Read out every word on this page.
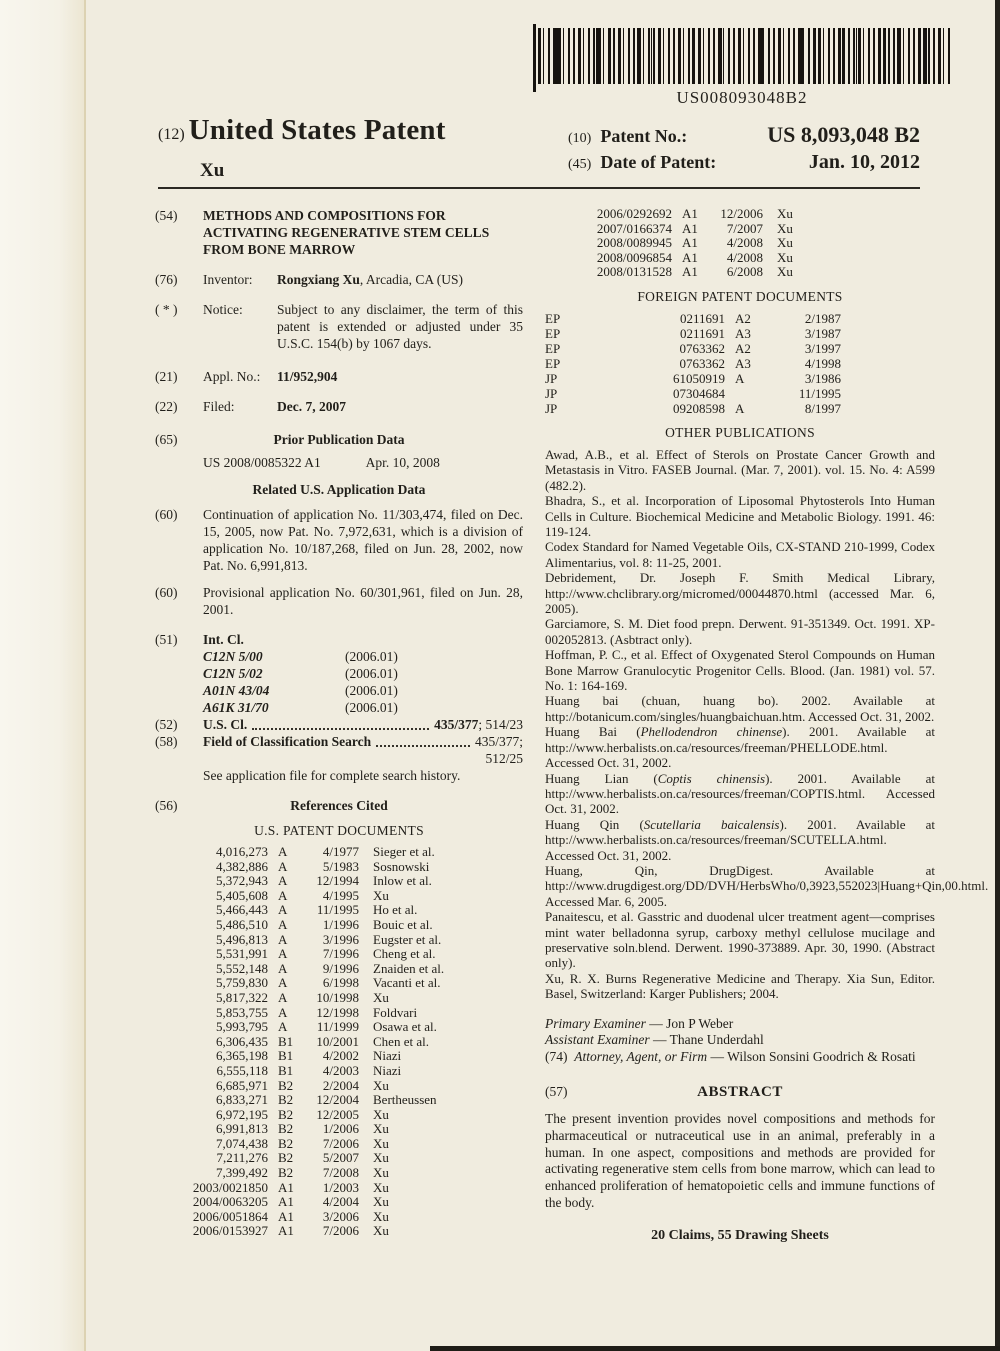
US008093048B2
(12) United States Patent
Xu
(10) Patent No.:	US 8,093,048 B2
(45) Date of Patent:	Jan. 10, 2012
(54)	METHODS AND COMPOSITIONS FOR ACTIVATING REGENERATIVE STEM CELLS FROM BONE MARROW
(76)	Inventor: Rongxiang Xu, Arcadia, CA (US)
( * )	Notice:	Subject to any disclaimer, the term of this patent is extended or adjusted under 35 U.S.C. 154(b) by 1067 days.
(21)	Appl. No.: 11/952,904
(22)	Filed:	Dec. 7, 2007
(65)	Prior Publication Data
US 2008/0085322 A1	Apr. 10, 2008
Related U.S. Application Data
(60)	Continuation of application No. 11/303,474, filed on Dec. 15, 2005, now Pat. No. 7,972,631, which is a division of application No. 10/187,268, filed on Jun. 28, 2002, now Pat. No. 6,991,813.
(60)	Provisional application No. 60/301,961, filed on Jun. 28, 2001.
(51)	Int. Cl.
C12N 5/00	(2006.01)
C12N 5/02	(2006.01)
A01N 43/04	(2006.01)
A61K 31/70	(2006.01)
(52)	U.S. Cl.	435/377; 514/23
(58)	Field of Classification Search	435/377;
512/25
See application file for complete search history.
(56)	References Cited
U.S. PATENT DOCUMENTS
4,016,273 A	4/1977	Sieger et al.
4,382,886 A	5/1983	Sosnowski
5,372,943 A	12/1994	Inlow et al.
5,405,608 A	4/1995	Xu
5,466,443 A	11/1995	Ho et al.
5,486,510 A	1/1996	Bouic et al.
5,496,813 A	3/1996	Eugster et al.
5,531,991 A	7/1996	Cheng et al.
5,552,148 A	9/1996	Znaiden et al.
5,759,830 A	6/1998	Vacanti et al.
5,817,322 A	10/1998	Xu
5,853,755 A	12/1998	Foldvari
5,993,795 A	11/1999	Osawa et al.
6,306,435 B1	10/2001	Chen et al.
6,365,198 B1	4/2002	Niazi
6,555,118 B1	4/2003	Niazi
6,685,971 B2	2/2004	Xu
6,833,271 B2	12/2004	Bertheussen
6,972,195 B2	12/2005	Xu
6,991,813 B2	1/2006	Xu
7,074,438 B2	7/2006	Xu
7,211,276 B2	5/2007	Xu
7,399,492 B2	7/2008	Xu
2003/0021850 A1	1/2003	Xu
2004/0063205 A1	4/2004	Xu
2006/0051864 A1	3/2006	Xu
2006/0153927 A1	7/2006	Xu
2006/0292692 A1	12/2006	Xu
2007/0166374 A1	7/2007	Xu
2008/0089945 A1	4/2008	Xu
2008/0096854 A1	4/2008	Xu
2008/0131528 A1	6/2008	Xu
FOREIGN PATENT DOCUMENTS
EP	0211691 A2	2/1987
EP	0211691 A3	3/1987
EP	0763362 A2	3/1997
EP	0763362 A3	4/1998
JP	61050919 A	3/1986
JP	07304684	11/1995
JP	09208598 A	8/1997
OTHER PUBLICATIONS

Awad, A.B., et al. Effect of Sterols on Prostate Cancer Growth and Metastasis in Vitro. FASEB Journal. (Mar. 7, 2001). vol. 15. No. 4: A599 (482.2).

Bhadra, S., et al. Incorporation of Liposomal Phytosterols Into Human Cells in Culture. Biochemical Medicine and Metabolic Biology. 1991. 46: 119-124.

Codex Standard for Named Vegetable Oils, CX-STAND 210-1999, Codex Alimentarius, vol. 8: 11-25, 2001.

Debridement, Dr. Joseph F. Smith Medical Library, http://www.chclibrary.org/micromed/00044870.html (accessed Mar. 6, 2005).

Garciamore, S. M. Diet food prepn. Derwent. 91-351349. Oct. 1991. XP-002052813. (Asbtract only).

Hoffman, P. C., et al. Effect of Oxygenated Sterol Compounds on Human Bone Marrow Granulocytic Progenitor Cells. Blood. (Jan. 1981) vol. 57. No. 1: 164-169.

Huang bai (chuan, huang bo). 2002. Available at http://botanicum.com/singles/huangbaichuan.htm. Accessed Oct. 31, 2002.

Huang Bai (Phellodendron chinense). 2001. Available at http://www.herbalists.on.ca/resources/freeman/PHELLODE.html. Accessed Oct. 31, 2002.

Huang Lian (Coptis chinensis). 2001. Available at http://www.herbalists.on.ca/resources/freeman/COPTIS.html. Accessed Oct. 31, 2002.

Huang Qin (Scutellaria baicalensis). 2001. Available at http://www.herbalists.on.ca/resources/freeman/SCUTELLA.html. Accessed Oct. 31, 2002.

Huang, Qin, DrugDigest. Available at http://www.drugdigest.org/DD/DVH/HerbsWho/0,3923,552023|Huang+Qin,00.html. Accessed Mar. 6, 2005.

Panaitescu, et al. Gasstric and duodenal ulcer treatment agent—comprises mint water belladonna syrup, carboxy methyl cellulose mucilage and preservative soln.blend. Derwent. 1990-373889. Apr. 30, 1990. (Abstract only).

Xu, R. X. Burns Regenerative Medicine and Therapy. Xia Sun, Editor. Basel, Switzerland: Karger Publishers; 2004.

Primary Examiner — Jon P Weber
Assistant Examiner — Thane Underdahl
(74) Attorney, Agent, or Firm — Wilson Sonsini Goodrich & Rosati
(57)	ABSTRACT
The present invention provides novel compositions and methods for pharmaceutical or nutraceutical use in an animal, preferably in a human. In one aspect, compositions and methods are provided for activating regenerative stem cells from bone marrow, which can lead to enhanced proliferation of hematopoietic cells and immune functions of the body.
20 Claims, 55 Drawing Sheets
